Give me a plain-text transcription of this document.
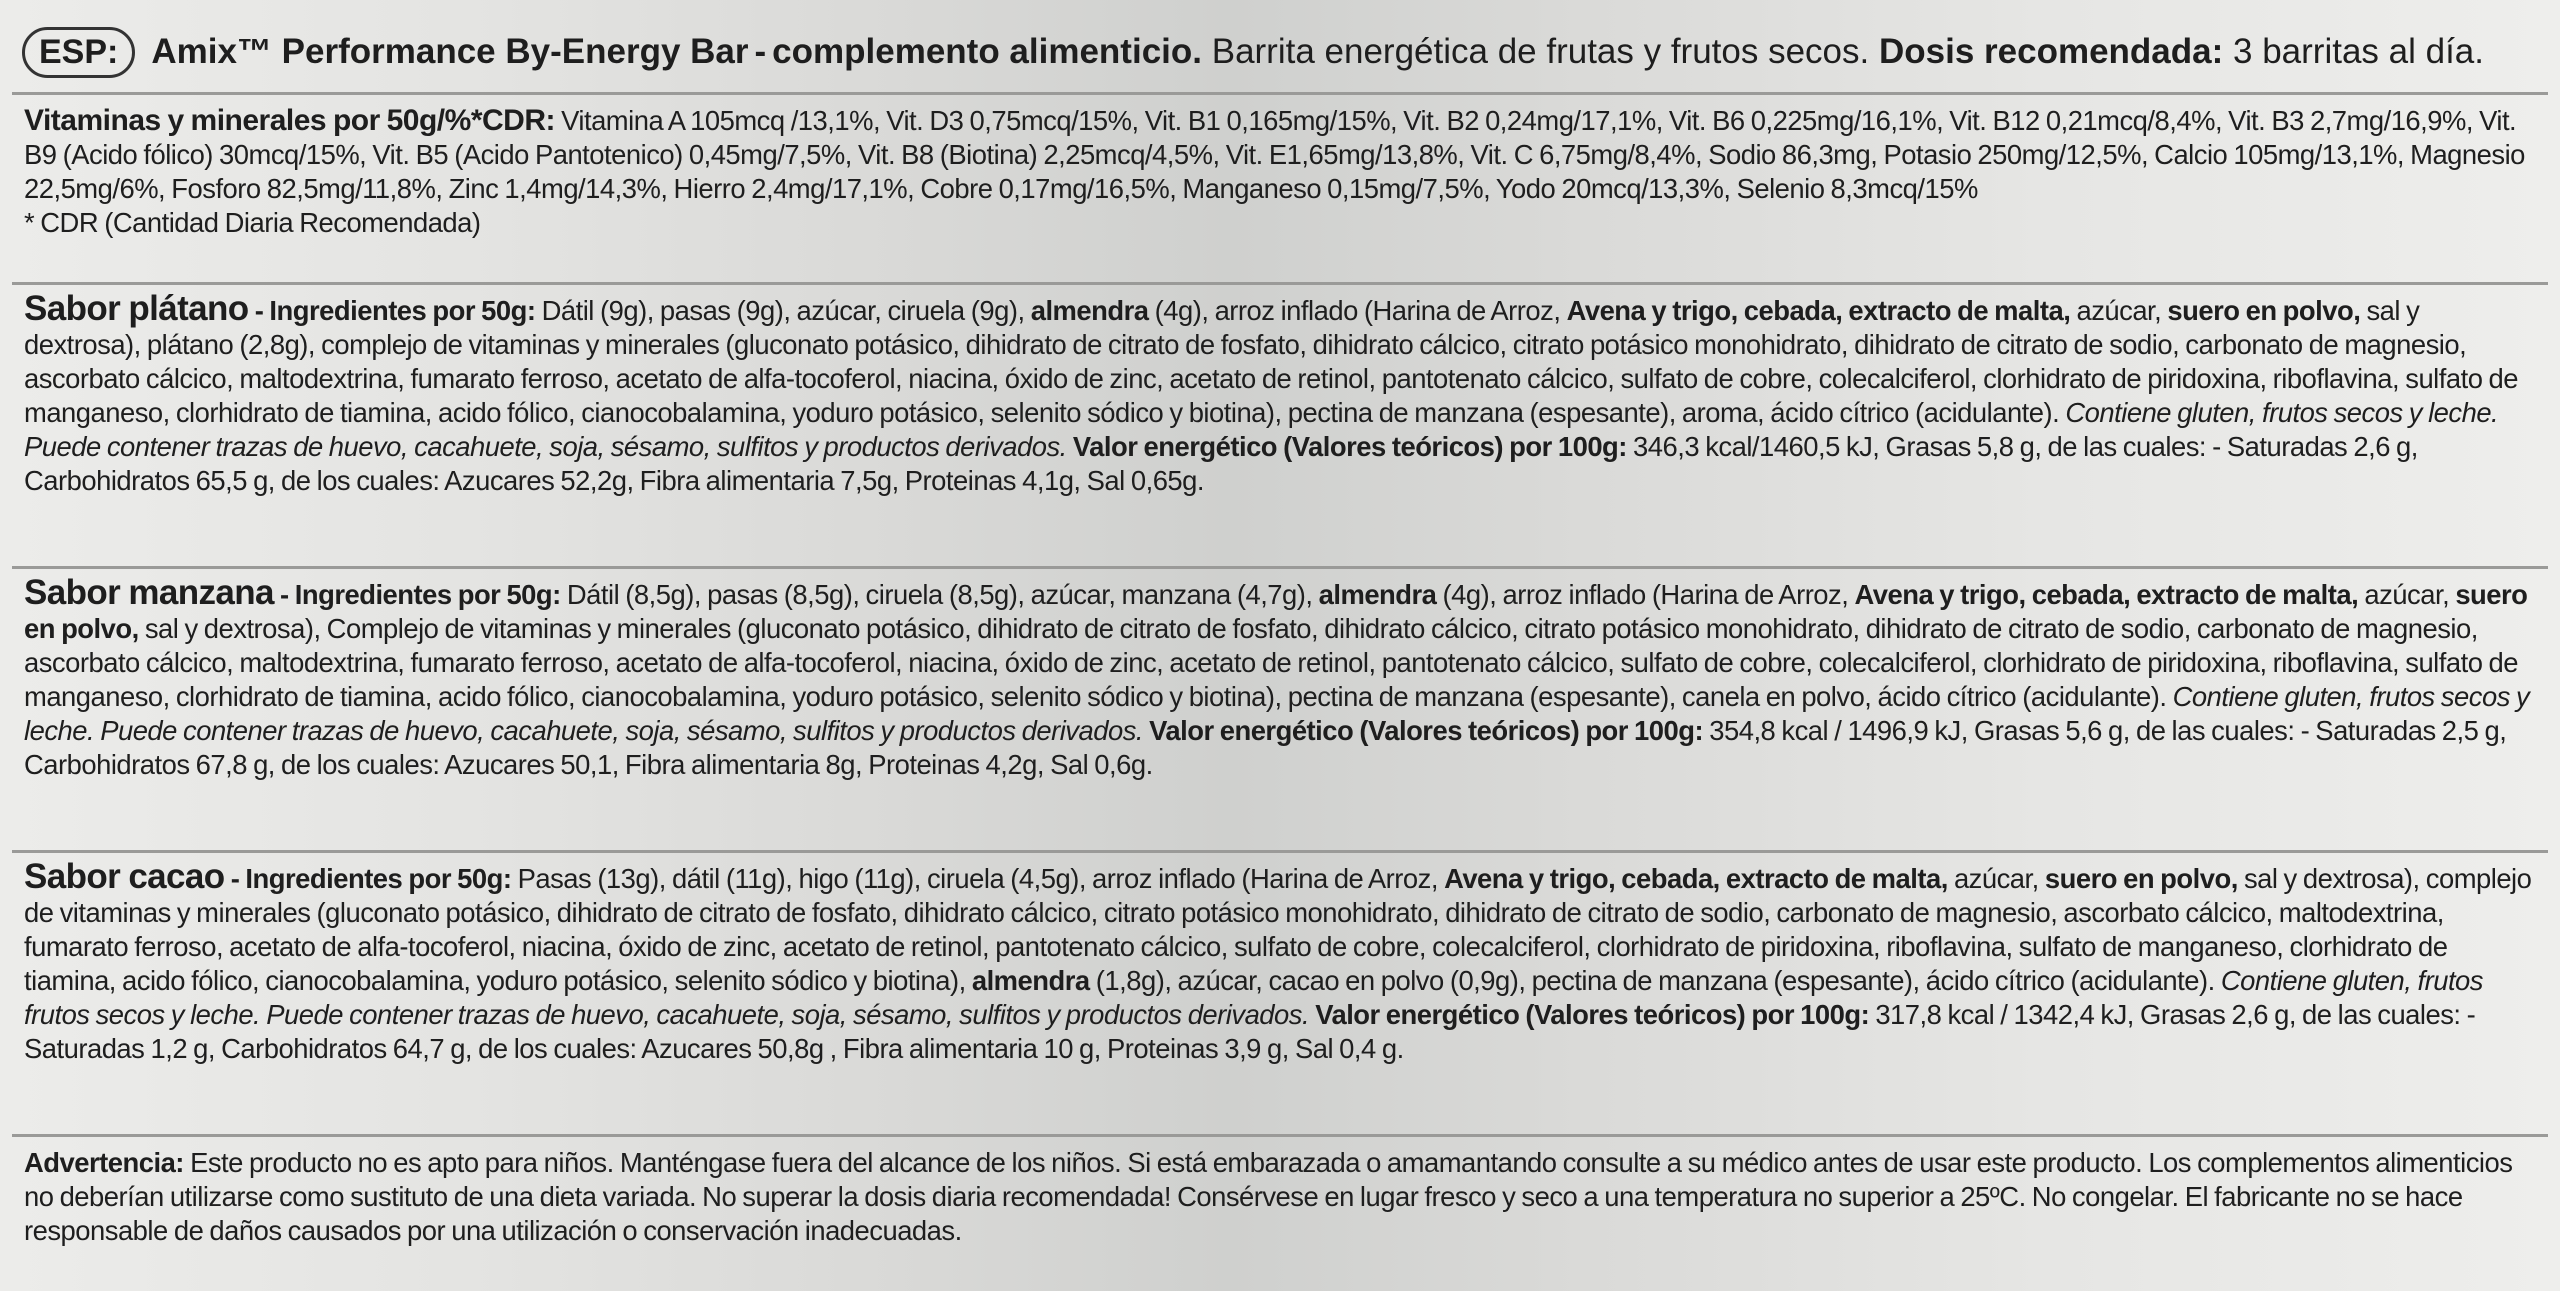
ESP: Amix™ Performance By-Energy Bar - complemento alimenticio.
Barrita energética de frutas y frutos secos.
Dosis recomendada:
3 barritas al día.

Vitaminas y minerales por 50g/%*CDR: Vitamina A 105mcq /13,1%, Vit. D3 0,75mcq/15%, Vit. B1 0,165mg/15%, Vit. B2 0,24mg/17,1%, Vit. B6 0,225mg/16,1%, Vit. B12 0,21mcq/8,4%, Vit. B3 2,7mg/16,9%, Vit. B9 (Acido fólico) 30mcq/15%, Vit. B5 (Acido Pantotenico) 0,45mg/7,5%, Vit. B8 (Biotina) 2,25mcq/4,5%, Vit. E1,65mg/13,8%, Vit. C 6,75mg/8,4%, Sodio 86,3mg, Potasio 250mg/12,5%, Calcio 105mg/13,1%, Magnesio 22,5mg/6%, Fosforo 82,5mg/11,8%, Zinc 1,4mg/14,3%, Hierro 2,4mg/17,1%, Cobre 0,17mg/16,5%, Manganeso 0,15mg/7,5%, Yodo 20mcq/13,3%, Selenio 8,3mcq/15%

* CDR (Cantidad Diaria Recomendada)

Sabor plátano - Ingredientes por 50g: Dátil (9g), pasas (9g), azúcar, ciruela (9g), almendra (4g), arroz inflado (Harina de Arroz, Avena y trigo, cebada, extracto de malta, azúcar, suero en polvo, sal y dextrosa), plátano (2,8g), complejo de vitaminas y minerales (gluconato potásico, dihidrato de citrato de fosfato, dihidrato cálcico, citrato potásico monohidrato, dihidrato de citrato de sodio, carbonato de magnesio, ascorbato cálcico, maltodextrina, fumarato ferroso, acetato de alfa-tocoferol, niacina, óxido de zinc, acetato de retinol, pantotenato cálcico, sulfato de cobre, colecalciferol, clorhidrato de piridoxina, riboflavina, sulfato de manganeso, clorhidrato de tiamina, acido fólico, cianocobalamina, yoduro potásico, selenito sódico y biotina), pectina de manzana (espesante), aroma, ácido cítrico (acidulante). Contiene gluten, frutos secos y leche. Puede contener trazas de huevo, cacahuete, soja, sésamo, sulfitos y productos derivados. Valor energético (Valores teóricos) por 100g: 346,3 kcal/1460,5 kJ, Grasas 5,8 g, de las cuales: - Saturadas 2,6 g, Carbohidratos 65,5 g, de los cuales: Azucares 52,2g, Fibra alimentaria 7,5g, Proteinas 4,1g, Sal 0,65g.

Sabor manzana - Ingredientes por 50g: Dátil (8,5g), pasas (8,5g), ciruela (8,5g), azúcar, manzana (4,7g), almendra (4g), arroz inflado (Harina de Arroz, Avena y trigo, cebada, extracto de malta, azúcar, suero en polvo, sal y dextrosa), Complejo de vitaminas y minerales (gluconato potásico, dihidrato de citrato de fosfato, dihidrato cálcico, citrato potásico monohidrato, dihidrato de citrato de sodio, carbonato de magnesio, ascorbato cálcico, maltodextrina, fumarato ferroso, acetato de alfa-tocoferol, niacina, óxido de zinc, acetato de retinol, pantotenato cálcico, sulfato de cobre, colecalciferol, clorhidrato de piridoxina, riboflavina, sulfato de manganeso, clorhidrato de tiamina, acido fólico, cianocobalamina, yoduro potásico, selenito sódico y biotina), pectina de manzana (espesante), canela en polvo, ácido cítrico (acidulante). Contiene gluten, frutos secos y leche. Puede contener trazas de huevo, cacahuete, soja, sésamo, sulfitos y productos derivados. Valor energético (Valores teóricos) por 100g: 354,8 kcal / 1496,9 kJ, Grasas 5,6 g, de las cuales: - Saturadas 2,5 g, Carbohidratos 67,8 g, de los cuales: Azucares 50,1, Fibra alimentaria 8g, Proteinas 4,2g, Sal 0,6g.

Sabor cacao - Ingredientes por 50g: Pasas (13g), dátil (11g), higo (11g), ciruela (4,5g), arroz inflado (Harina de Arroz, Avena y trigo, cebada, extracto de malta, azúcar, suero en polvo, sal y dextrosa), complejo de vitaminas y minerales (gluconato potásico, dihidrato de citrato de fosfato, dihidrato cálcico, citrato potásico monohidrato, dihidrato de citrato de sodio, carbonato de magnesio, ascorbato cálcico, maltodextrina, fumarato ferroso, acetato de alfa-tocoferol, niacina, óxido de zinc, acetato de retinol, pantotenato cálcico, sulfato de cobre, colecalciferol, clorhidrato de piridoxina, riboflavina, sulfato de manganeso, clorhidrato de tiamina, acido fólico, cianocobalamina, yoduro potásico, selenito sódico y biotina), almendra (1,8g), azúcar, cacao en polvo (0,9g), pectina de manzana (espesante), ácido cítrico (acidulante). Contiene gluten, frutos frutos secos y leche. Puede contener trazas de huevo, cacahuete, soja, sésamo, sulfitos y productos derivados. Valor energético (Valores teóricos) por 100g: 317,8 kcal / 1342,4 kJ, Grasas 2,6 g, de las cuales: - Saturadas 1,2 g, Carbohidratos 64,7 g, de los cuales: Azucares 50,8g , Fibra alimentaria 10 g, Proteinas 3,9 g, Sal 0,4 g.

Advertencia: Este producto no es apto para niños. Manténgase fuera del alcance de los niños. Si está embarazada o amamantando consulte a su médico antes de usar este producto. Los complementos alimenticios no deberían utilizarse como sustituto de una dieta variada. No superar la dosis diaria recomendada! Consérvese en lugar fresco y seco a una temperatura no superior a 25ºC. No congelar. El fabricante no se hace responsable de daños causados por una utilización o conservación inadecuadas.
